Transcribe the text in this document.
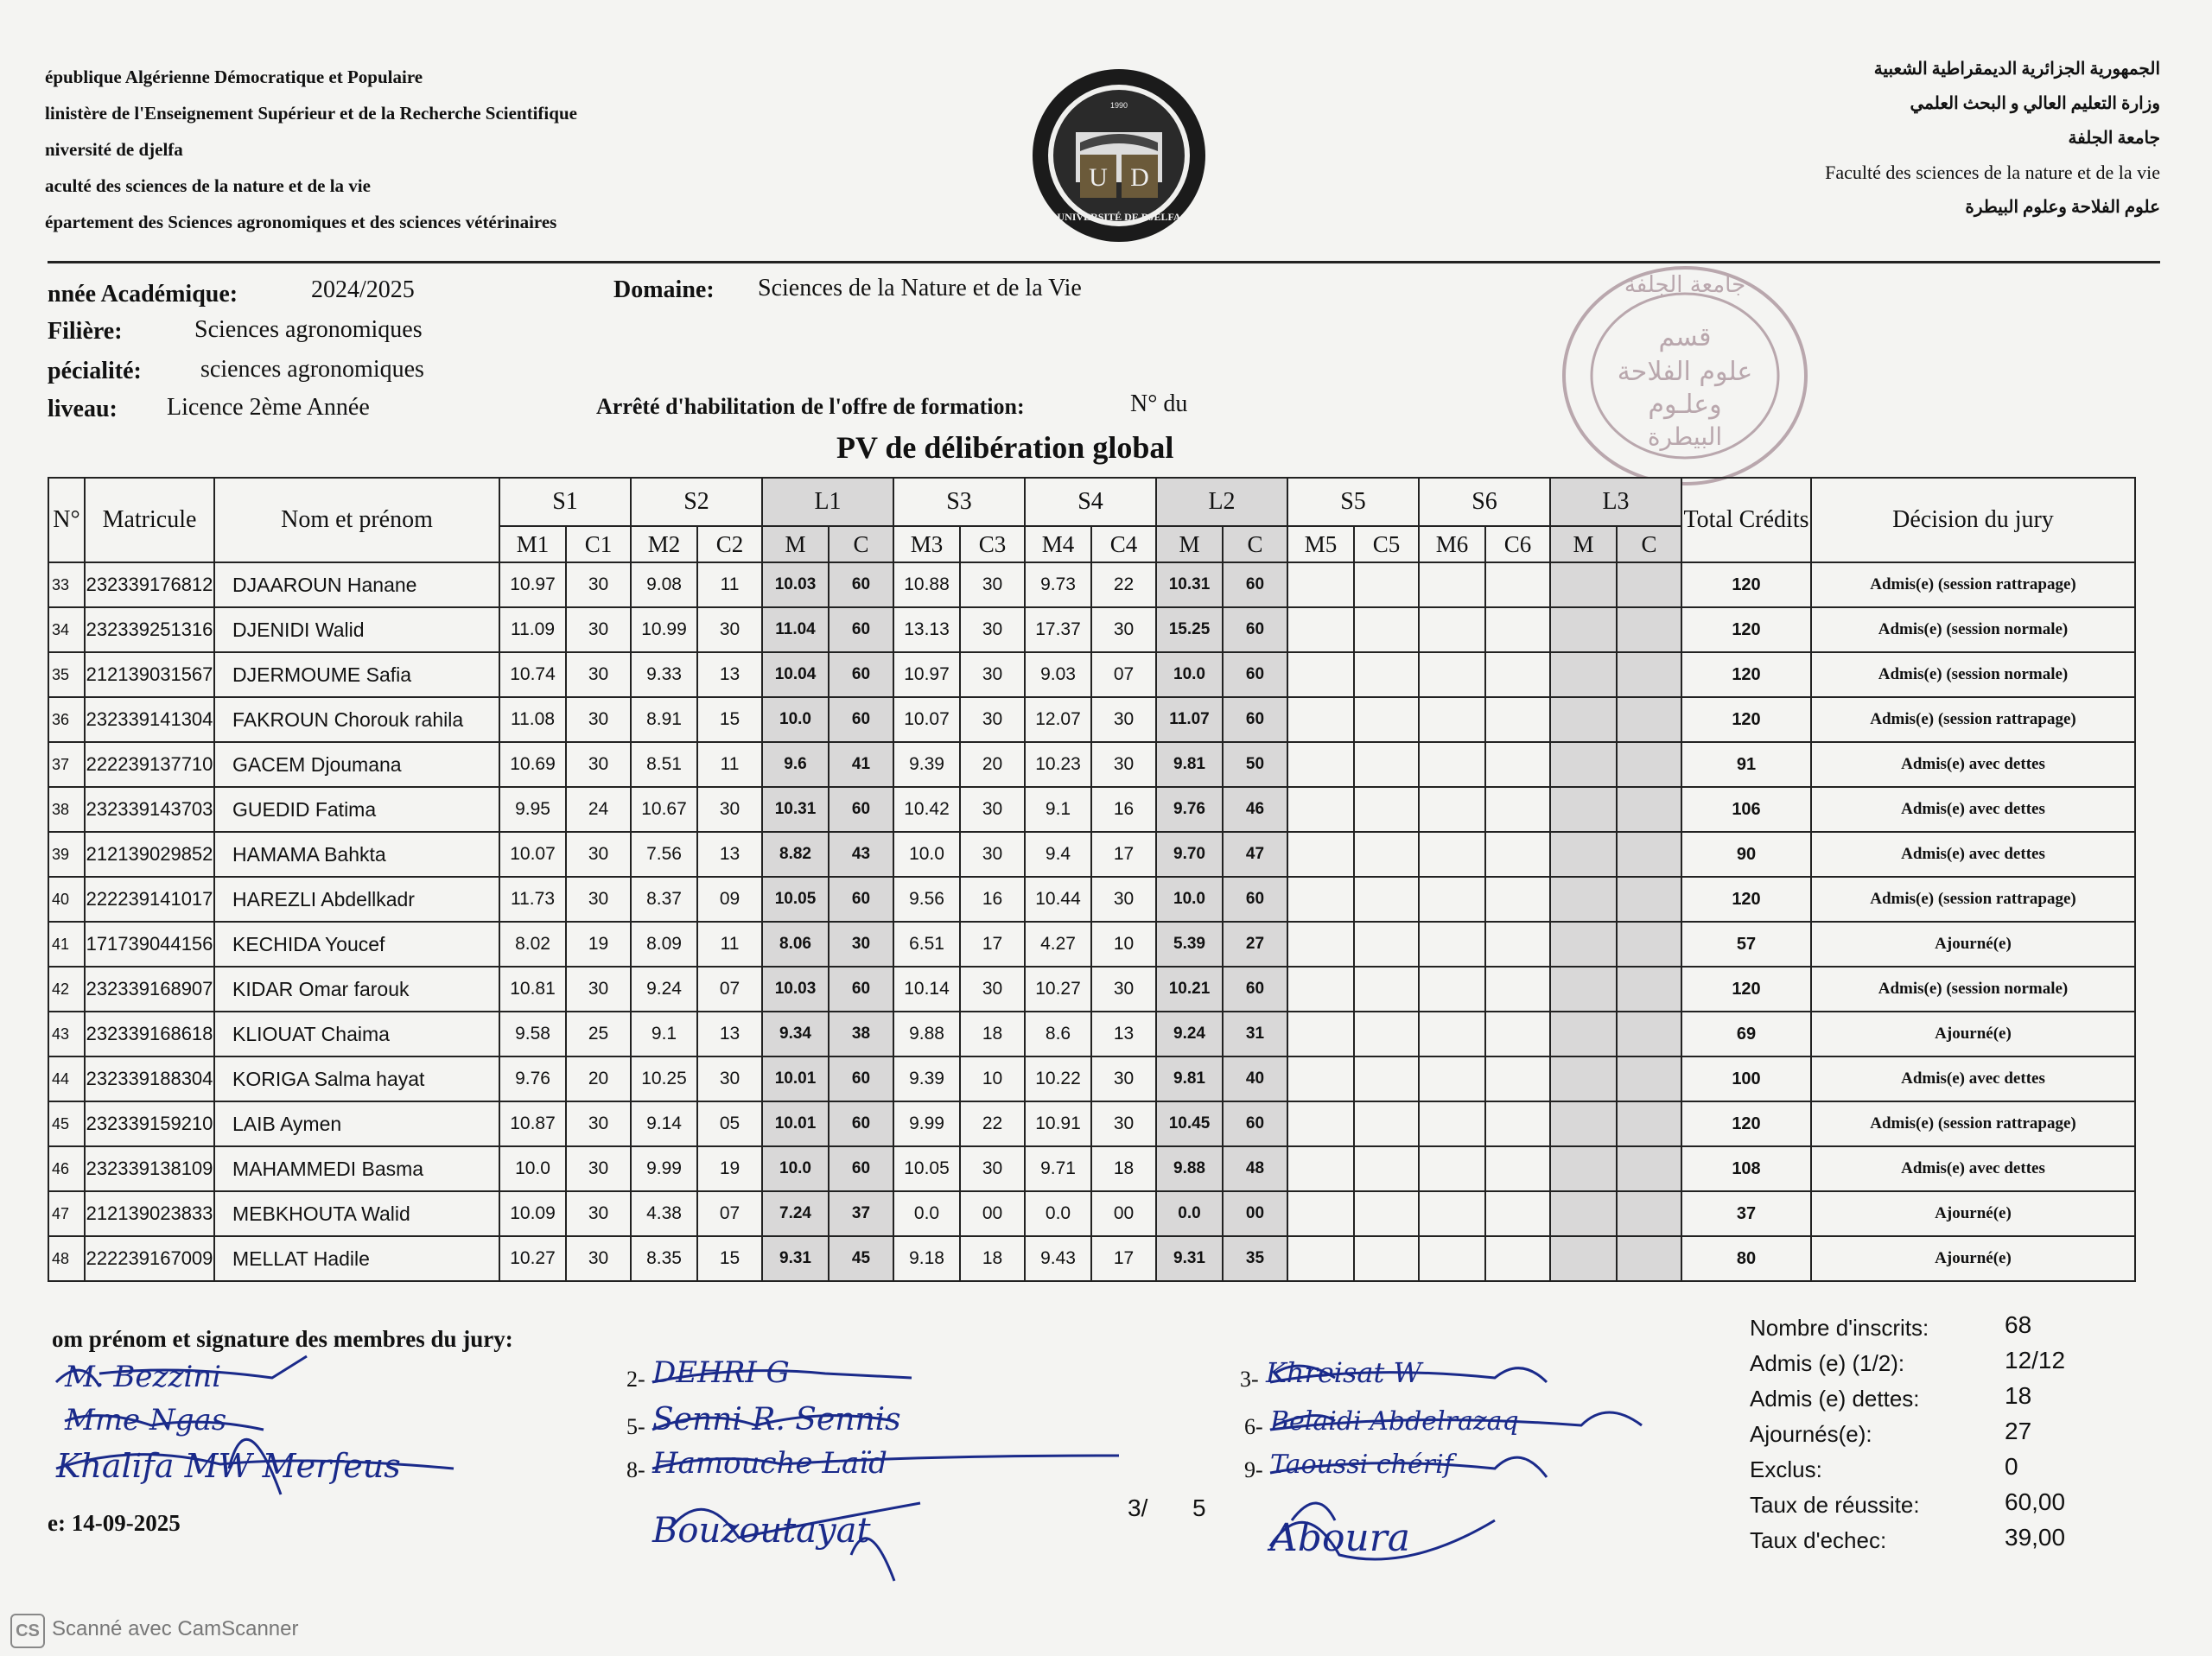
épublique Algérienne Démocratique et Populaire
linistère de l'Enseignement Supérieur et de la Recherche Scientifique
niversité de djelfa
aculté des sciences de la nature et de la vie
épartement des Sciences agronomiques et des sciences vétérinaires
U D
1990
UNIVERSITÉ DE DJELFA
الجمهورية الجزائرية الديمقراطية الشعبية
وزارة التعليم العالي و البحث العلمي
جامعة الجلفة
Faculté des sciences de la nature et de la vie
علوم الفلاحة وعلوم البيطرة
nnée Académique:	2024/2025	Domaine: Sciences de la Nature et de la Vie
Filière:	Sciences agronomiques
pécialité: sciences agronomiques
liveau: Licence 2ème Année	Arrêté d'habilitation de l'offre de formation:	N° du
PV de délibération global
جامعة الجلفة
قسم
علوم الفلاحة
وعلـوم
البيطرة
N°	Matricule	Nom et prénom	S1		S2		L1		S3		S4		L2		S5		S6		L3		Total Crédits	Décision du jury
			M1	C1	M2	C2	M	C	M3	C3	M4	C4	M	C	M5	C5	M6	C6	M	C		
33	232339176812	DJAAROUN Hanane	10.97	30	9.08	11	10.03	60	10.88	30	9.73	22	10.31	60							120	Admis(e) (session rattrapage)
34	232339251316	DJENIDI Walid	11.09	30	10.99	30	11.04	60	13.13	30	17.37	30	15.25	60							120	Admis(e) (session normale)
35	212139031567	DJERMOUME Safia	10.74	30	9.33	13	10.04	60	10.97	30	9.03	07	10.0	60							120	Admis(e) (session normale)
36	232339141304	FAKROUN Chorouk rahila	11.08	30	8.91	15	10.0	60	10.07	30	12.07	30	11.07	60							120	Admis(e) (session rattrapage)
37	222239137710	GACEM Djoumana	10.69	30	8.51	11	9.6	41	9.39	20	10.23	30	9.81	50							91	Admis(e) avec dettes
38	232339143703	GUEDID Fatima	9.95	24	10.67	30	10.31	60	10.42	30	9.1	16	9.76	46							106	Admis(e) avec dettes
39	212139029852	HAMAMA Bahkta	10.07	30	7.56	13	8.82	43	10.0	30	9.4	17	9.70	47							90	Admis(e) avec dettes
40	222239141017	HAREZLI Abdellkadr	11.73	30	8.37	09	10.05	60	9.56	16	10.44	30	10.0	60							120	Admis(e) (session rattrapage)
41	171739044156	KECHIDA Youcef	8.02	19	8.09	11	8.06	30	6.51	17	4.27	10	5.39	27							57	Ajourné(e)
42	232339168907	KIDAR Omar farouk	10.81	30	9.24	07	10.03	60	10.14	30	10.27	30	10.21	60							120	Admis(e) (session normale)
43	232339168618	KLIOUAT Chaima	9.58	25	9.1	13	9.34	38	9.88	18	8.6	13	9.24	31							69	Ajourné(e)
44	232339188304	KORIGA Salma hayat	9.76	20	10.25	30	10.01	60	9.39	10	10.22	30	9.81	40							100	Admis(e) avec dettes
45	232339159210	LAIB Aymen	10.87	30	9.14	05	10.01	60	9.99	22	10.91	30	10.45	60							120	Admis(e) (session rattrapage)
46	232339138109	MAHAMMEDI Basma	10.0	30	9.99	19	10.0	60	10.05	30	9.71	18	9.88	48							108	Admis(e) avec dettes
47	212139023833	MEBKHOUTA Walid	10.09	30	4.38	07	7.24	37	0.0	00	0.0	00	0.0	00							37	Ajourné(e)
48	222239167009	MELLAT Hadile	10.27	30	8.35	15	9.31	45	9.18	18	9.43	17	9.31	35							80	Ajourné(e)
om prénom et signature des membres du jury:
M. Bezzini
Mme Ngas
Khalifa MW Merfeus
2- DEHRI G
5- Senni R. Sennis
8- Hamouche Laïd
Bouzoutayat
3- Khreisat W
6- Belaidi Abdelrazaq
9- Taoussi chérif
Aboura
e: 14-09-2025
3/ 5
Nombre d'inscrits:	68
Admis (e) (1/2):	12/12
Admis (e) dettes:	18
Ajournés(e):	27
Exclus:	0
Taux de réussite:	60,00
Taux d'echec:	39,00
CS Scanné avec CamScanner
